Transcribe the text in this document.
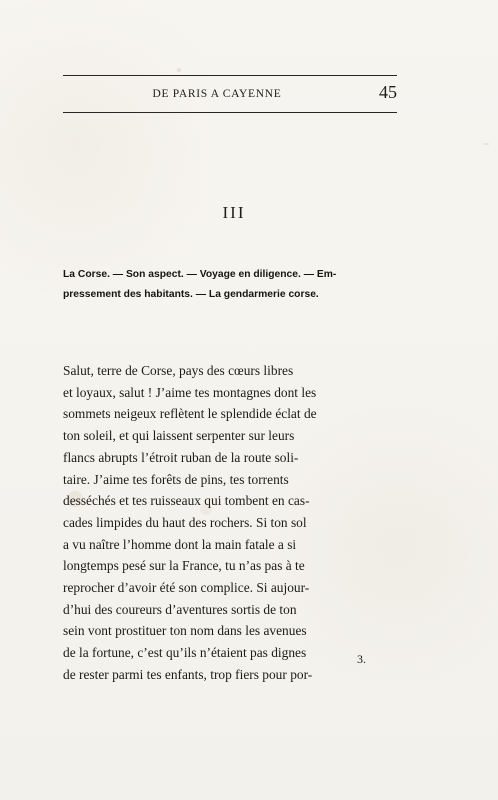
DE PARIS A CAYENNE	45
III
La Corse. — Son aspect. — Voyage en diligence. — Em-
pressement des habitants. — La gendarmerie corse.
Salut, terre de Corse, pays des cœurs libres
et loyaux, salut ! J’aime tes montagnes dont les
sommets neigeux reflètent le splendide éclat de
ton soleil, et qui laissent serpenter sur leurs
flancs abrupts l’étroit ruban de la route soli-
taire. J’aime tes forêts de pins, tes torrents
desséchés et tes ruisseaux qui tombent en cas-
cades limpides du haut des rochers. Si ton sol
a vu naître l’homme dont la main fatale a si
longtemps pesé sur la France, tu n’as pas à te
reprocher d’avoir été son complice. Si aujour-
d’hui des coureurs d’aventures sortis de ton
sein vont prostituer ton nom dans les avenues
de la fortune, c’est qu’ils n’étaient pas dignes
de rester parmi tes enfants, trop fiers pour por-
3.
